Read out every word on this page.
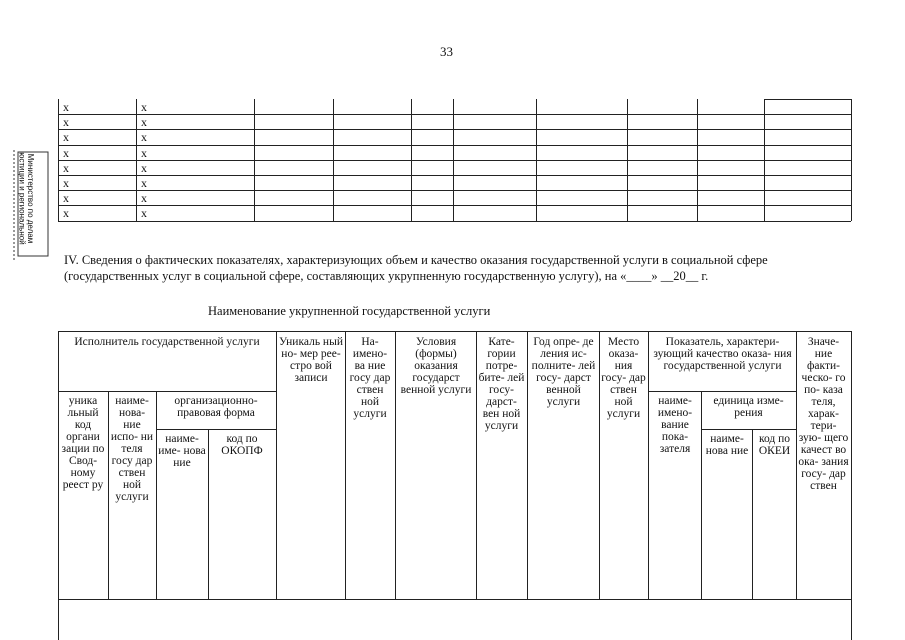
33
Министерство по делам
юстиции и региональной
х
х
х
х
х
х
х
х
х
х
х
х
х
х
х
х
IV. Сведения о фактических показателях, характеризующих объем и качество оказания государственной услуги в социальной сфере (государственных услуг в социальной сфере, составляющих укрупненную государственную услугу), на «____» __20__ г.
Наименование укрупненной государственной услуги
Исполнитель государственной услуги
уника льный код органи зации по Свод- ному реест ру
наиме- нова- ние испо- ни теля госу дар ствен ной услуги
организационно-правовая форма
наиме- име- нова ние
код по ОКОПФ
Уникаль ный но- мер рее- стро вой записи
На- имено- ва ние госу дар ствен ной услуги
Условия (формы) оказания государст венной услуги
Кате- гории потре- бите- лей госу- дарст- вен ной услуги
Год опре- де ления ис- полните- лей госу- дарст венной услуги
Место оказа- ния госу- дар ствен ной услуги
Показатель, характери- зующий качество оказа- ния государственной услуги
наиме- имено- вание пока- зателя
единица изме- рения
наиме- нова ние
код по ОКЕИ
Значе- ние факти- ческо- го по- каза теля, харак- тери- зую- щего качест во ока- зания госу- дар ствен
